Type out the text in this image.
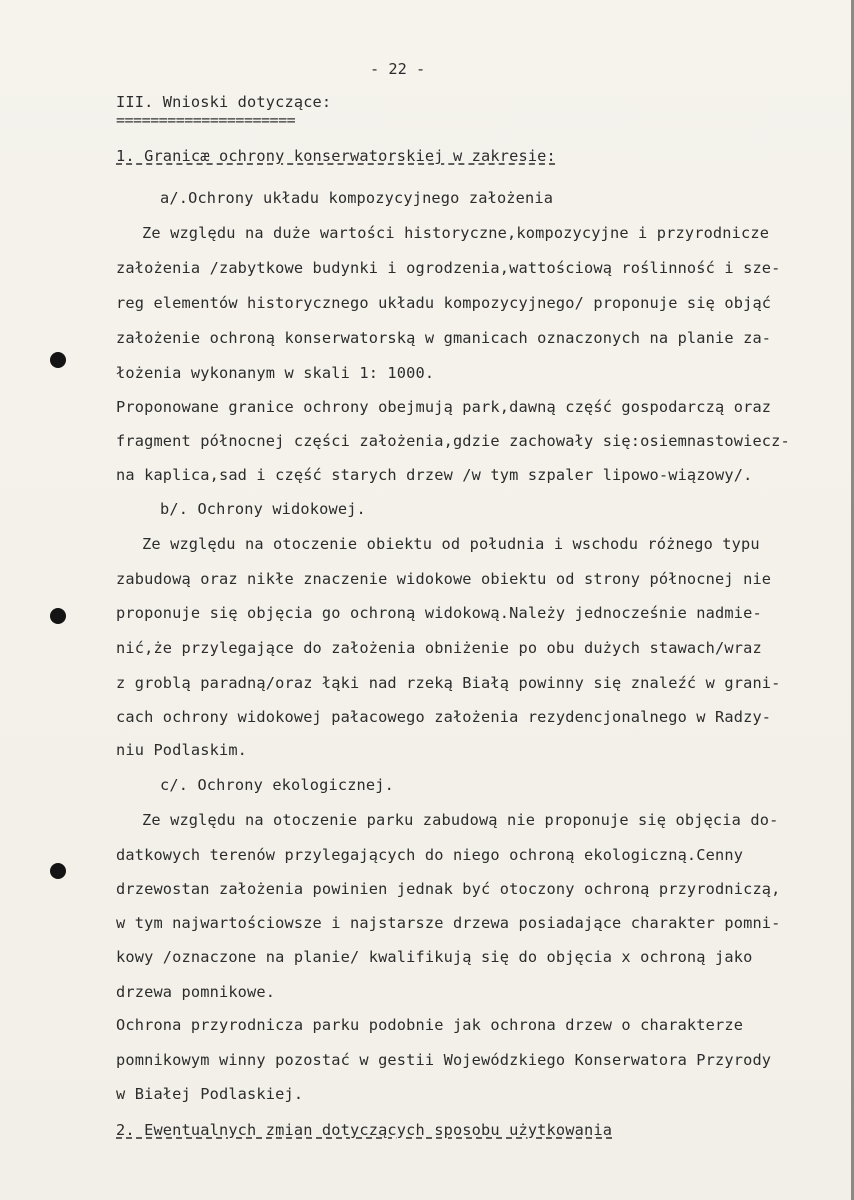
- 22 -
III. Wnioski dotyczące:
=====================
1. Granicæ ochrony konserwatorskiej w zakresie:
a/.Ochrony układu kompozycyjnego założenia
Ze względu na duże wartości historyczne,kompozycyjne i przyrodnicze
założenia /zabytkowe budynki i ogrodzenia,wattościową roślinność i sze-
reg elementów historycznego układu kompozycyjnego/ proponuje się objąć
założenie ochroną konserwatorską w gmanicach oznaczonych na planie za-
łożenia wykonanym w skali 1: 1000.
Proponowane granice ochrony obejmują park,dawną część gospodarczą oraz
fragment północnej części założenia,gdzie zachowały się:osiemnastowiecz-
na kaplica,sad i część starych drzew /w tym szpaler lipowo-wiązowy/.
b/. Ochrony widokowej.
Ze względu na otoczenie obiektu od południa i wschodu różnego typu
zabudową oraz nikłe znaczenie widokowe obiektu od strony północnej nie
proponuje się objęcia go ochroną widokową.Należy jednocześnie nadmie-
nić,że przylegające do założenia obniżenie po obu dużych stawach/wraz
z groblą paradną/oraz łąki nad rzeką Białą powinny się znaleźć w grani-
cach ochrony widokowej pałacowego założenia rezydencjonalnego w Radzy-
niu Podlaskim.
c/. Ochrony ekologicznej.
Ze względu na otoczenie parku zabudową nie proponuje się objęcia do-
datkowych terenów przylegających do niego ochroną ekologiczną.Cenny
drzewostan założenia powinien jednak być otoczony ochroną przyrodniczą,
w tym najwartościowsze i najstarsze drzewa posiadające charakter pomni-
kowy /oznaczone na planie/ kwalifikują się do objęcia x ochroną jako
drzewa pomnikowe.
Ochrona przyrodnicza parku podobnie jak ochrona drzew o charakterze
pomnikowym winny pozostać w gestii Wojewódzkiego Konserwatora Przyrody
w Białej Podlaskiej.
2. Ewentualnych zmian dotyczących sposobu użytkowania
